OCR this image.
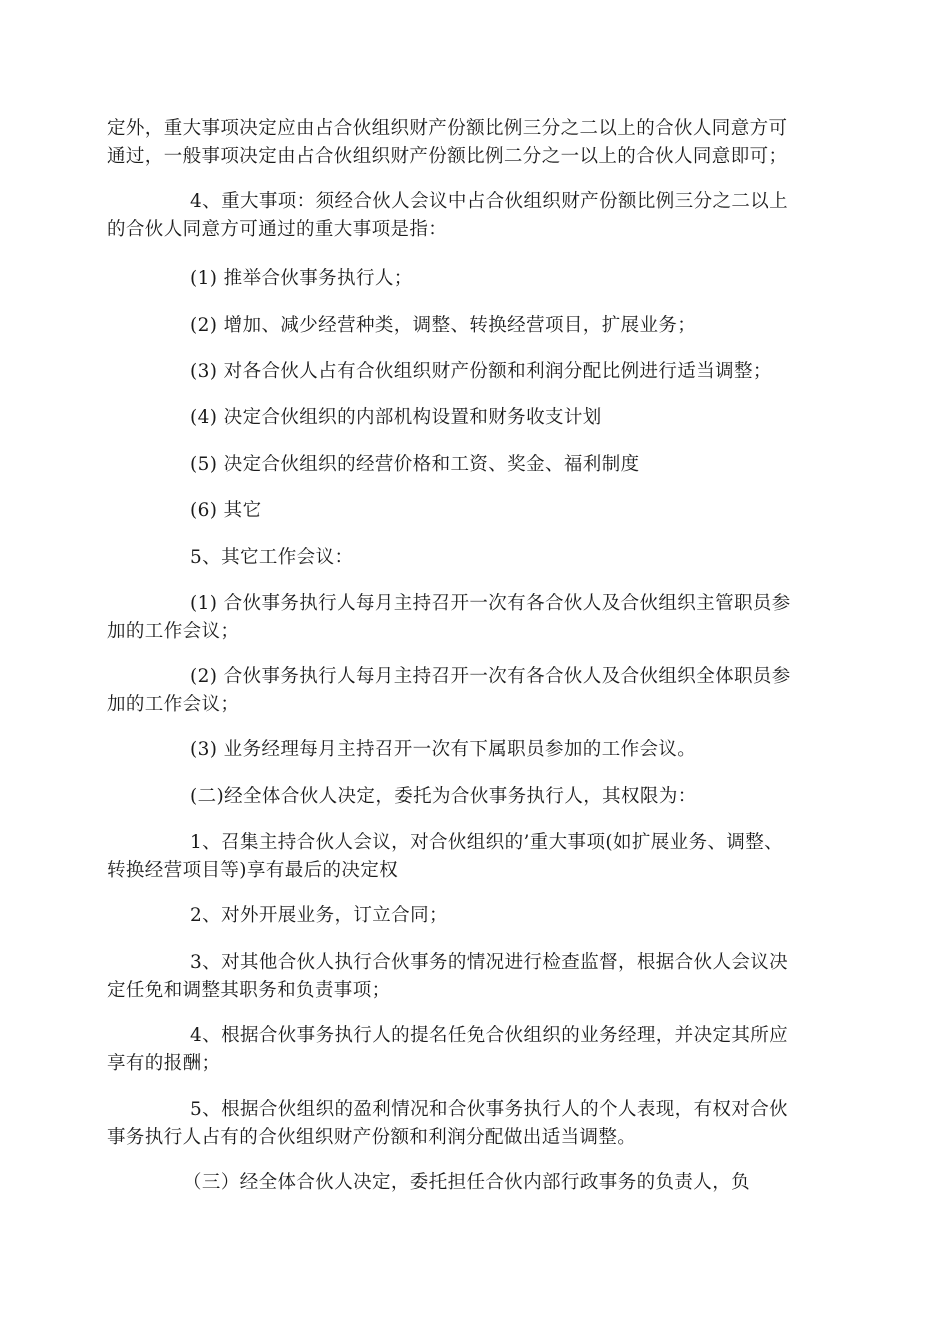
定外，重大事项决定应由占合伙组织财产份额比例三分之二以上的合伙人同意方可
通过，一般事项决定由占合伙组织财产份额比例二分之一以上的合伙人同意即可；

4、重大事项：须经合伙人会议中占合伙组织财产份额比例三分之二以上
的合伙人同意方可通过的重大事项是指：

(1) 推举合伙事务执行人；

(2) 增加、减少经营种类，调整、转换经营项目，扩展业务；

(3) 对各合伙人占有合伙组织财产份额和利润分配比例进行适当调整；

(4) 决定合伙组织的内部机构设置和财务收支计划

(5) 决定合伙组织的经营价格和工资、奖金、福利制度

(6) 其它

5、其它工作会议：

(1) 合伙事务执行人每月主持召开一次有各合伙人及合伙组织主管职员参
加的工作会议；

(2) 合伙事务执行人每月主持召开一次有各合伙人及合伙组织全体职员参
加的工作会议；

(3) 业务经理每月主持召开一次有下属职员参加的工作会议。

(二)经全体合伙人决定，委托为合伙事务执行人，其权限为：

1、召集主持合伙人会议，对合伙组织的’重大事项(如扩展业务、调整、
转换经营项目等)享有最后的决定权

2、对外开展业务，订立合同；

3、对其他合伙人执行合伙事务的情况进行检查监督，根据合伙人会议决
定任免和调整其职务和负责事项；

4、根据合伙事务执行人的提名任免合伙组织的业务经理，并决定其所应
享有的报酬；

5、根据合伙组织的盈利情况和合伙事务执行人的个人表现，有权对合伙
事务执行人占有的合伙组织财产份额和利润分配做出适当调整。

（三）经全体合伙人决定，委托担任合伙内部行政事务的负责人，负
